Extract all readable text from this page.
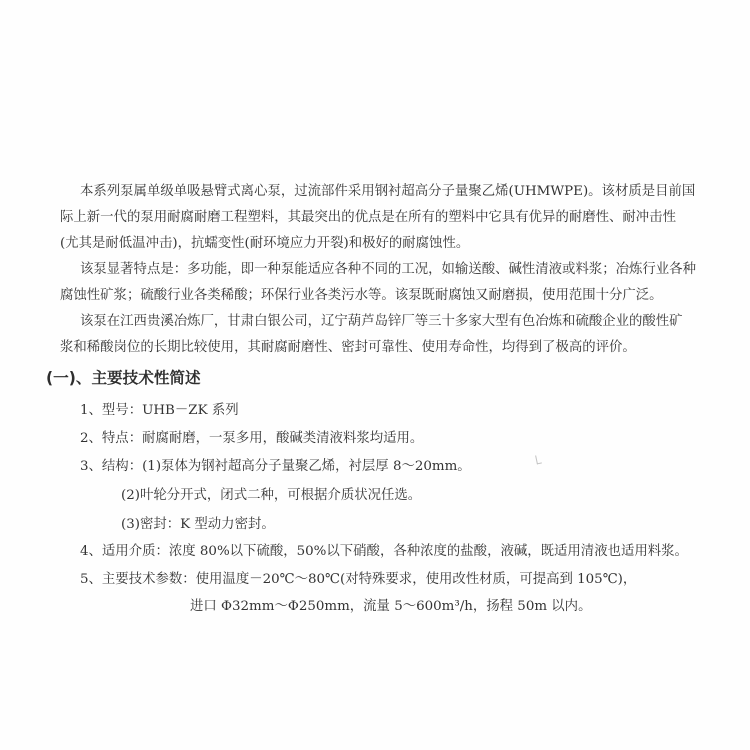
本系列泵属单级单吸悬臂式离心泵，过流部件采用钢衬超高分子量聚乙烯(UHMWPE)。该材质是目前国
际上新一代的泵用耐腐耐磨工程塑料，其最突出的优点是在所有的塑料中它具有优异的耐磨性、耐冲击性
(尤其是耐低温冲击)，抗蠕变性(耐环境应力开裂)和极好的耐腐蚀性。
该泵显著特点是：多功能，即一种泵能适应各种不同的工况，如输送酸、碱性清液或料浆；冶炼行业各种
腐蚀性矿浆；硫酸行业各类稀酸；环保行业各类污水等。该泵既耐腐蚀又耐磨损，使用范围十分广泛。
该泵在江西贵溪冶炼厂，甘肃白银公司，辽宁葫芦岛锌厂等三十多家大型有色冶炼和硫酸企业的酸性矿
浆和稀酸岗位的长期比较使用，其耐腐耐磨性、密封可靠性、使用寿命性，均得到了极高的评价。
(一)、主要技术性简述
1、型号：UHB－ZK 系列
2、特点：耐腐耐磨，一泵多用，酸碱类清液料浆均适用。
3、结构：(1)泵体为钢衬超高分子量聚乙烯，衬层厚 8～20mm。
(2)叶轮分开式，闭式二种，可根据介质状况任选。
(3)密封：K 型动力密封。
4、适用介质：浓度 80%以下硫酸，50%以下硝酸，各种浓度的盐酸，液碱，既适用清液也适用料浆。
5、主要技术参数：使用温度－20℃～80℃(对特殊要求，使用改性材质，可提高到 105℃)，
进口 Φ32mm～Φ250mm，流量 5～600m³/h，扬程 50m 以内。
